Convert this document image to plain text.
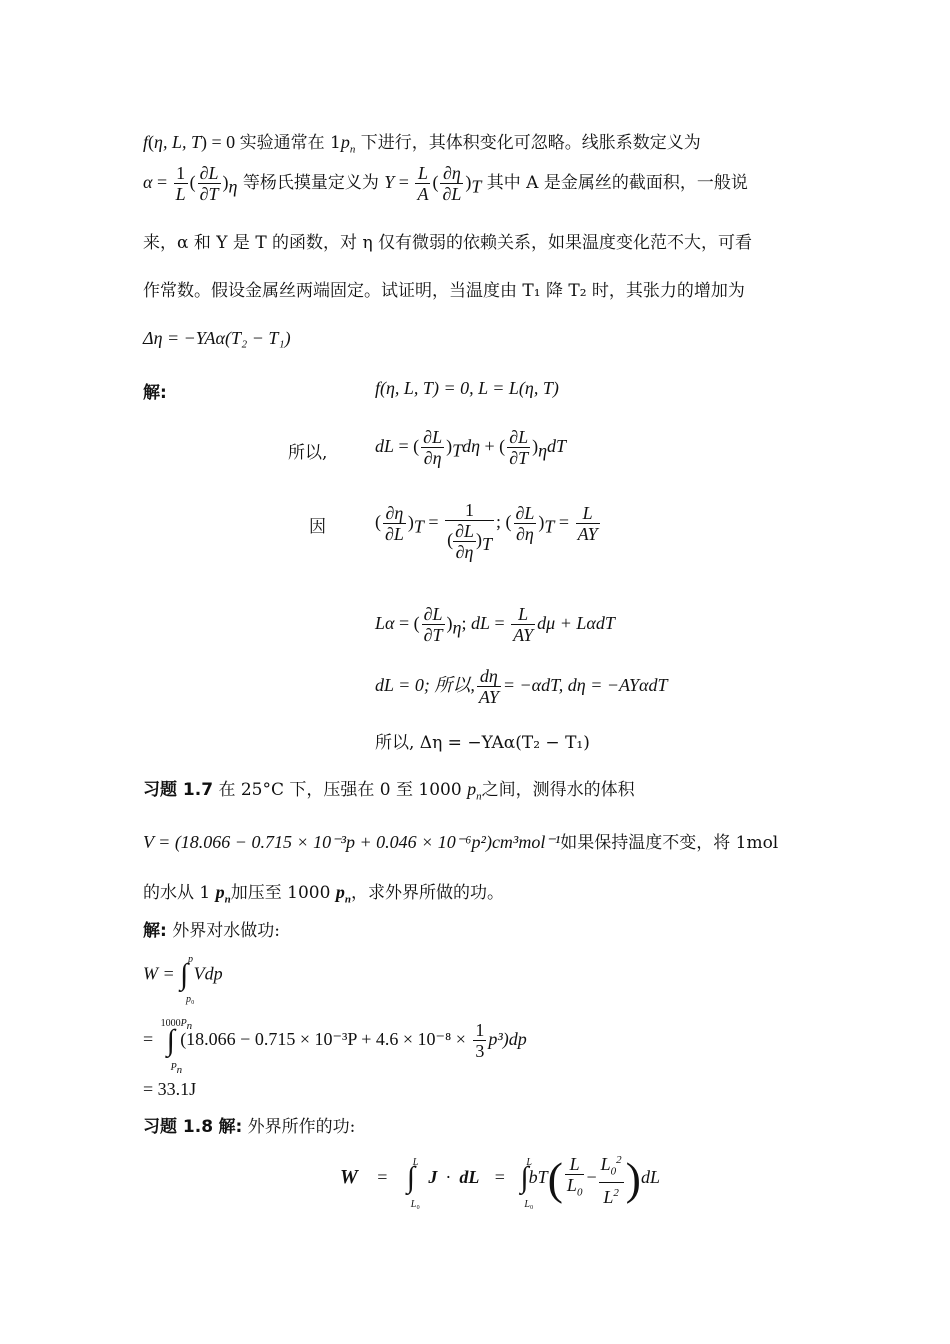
f(η, L, T) = 0 实验通常在 $1p_n$ 下进行，其体积变化可忽略。线胀系数定义为
$\alpha = \frac{1}{L}$ ( $\frac{\partial L}{\partial T} )_\eta$ 等杨氏摸量定义为 $Y = \frac{L}{A}$ ( $\frac{\partial\eta}{\partial L} )_T$ 其中 A 是金属丝的截面积，一般说
来，α 和 Y 是 T 的函数，对 η 仅有微弱的依赖关系，如果温度变化范不大，可看
作常数。假设金属丝两端固定。试证明，当温度由 T₁ 降 T₂ 时，其张力的增加为
Δη = −YAα(T₂ − T₁)
解:	f(η, L, T) = 0, L = L(η, T)
所以,	dL = ( $\frac{\partial L}{\partial\eta} )_Td\eta$ + ( $\frac{\partial L}{\partial T} )_\eta dT$
因	( $\frac{\partial\eta}{\partial L} )_T = \frac{1}{( \frac{\partial L}{\partial\eta} )_T}$ ; ( $\frac{\partial L}{\partial\eta} )_T = \frac{L}{AY}$
Lα = ( $\frac{\partial L}{\partial T} )_\eta$; dL = $\frac{L}{AY}$ dμ + LαdT
dL = 0; 所以, $\frac{d\eta}{AY} = -\alpha dT$, dη = −AYαdT
所以, Δη = −YAα(T₂ − T₁)
习题 1.7 在 25°C 下，压强在 0 至 1000 $p_n$之间，测得水的体积
V = (18.066 − 0.715 × 10⁻³p + 0.046 × 10⁻⁶p²)cm³mol⁻¹如果保持温度不变，将 1mol
的水从 1 $p_n$加压至 1000 $p_n$，求外界所做的功。
解: 外界对水做功:
W = ∫ p
p₀
Vdp
= ∫
$1000P_n$
$P_n$
$(18.066 - 0.715 \times 10^{-3}P + 4.6 \times 10^{-8} \times \frac{1}{3} p^3)dp$
= 33.1J
习题 1.8 解: 外界所作的功:
W = ∫
L
L₀
J · dL = ∫
L
L₀
$bT( \frac{L}{L_0} - \frac{L_0^2}{L^2} )dL$
